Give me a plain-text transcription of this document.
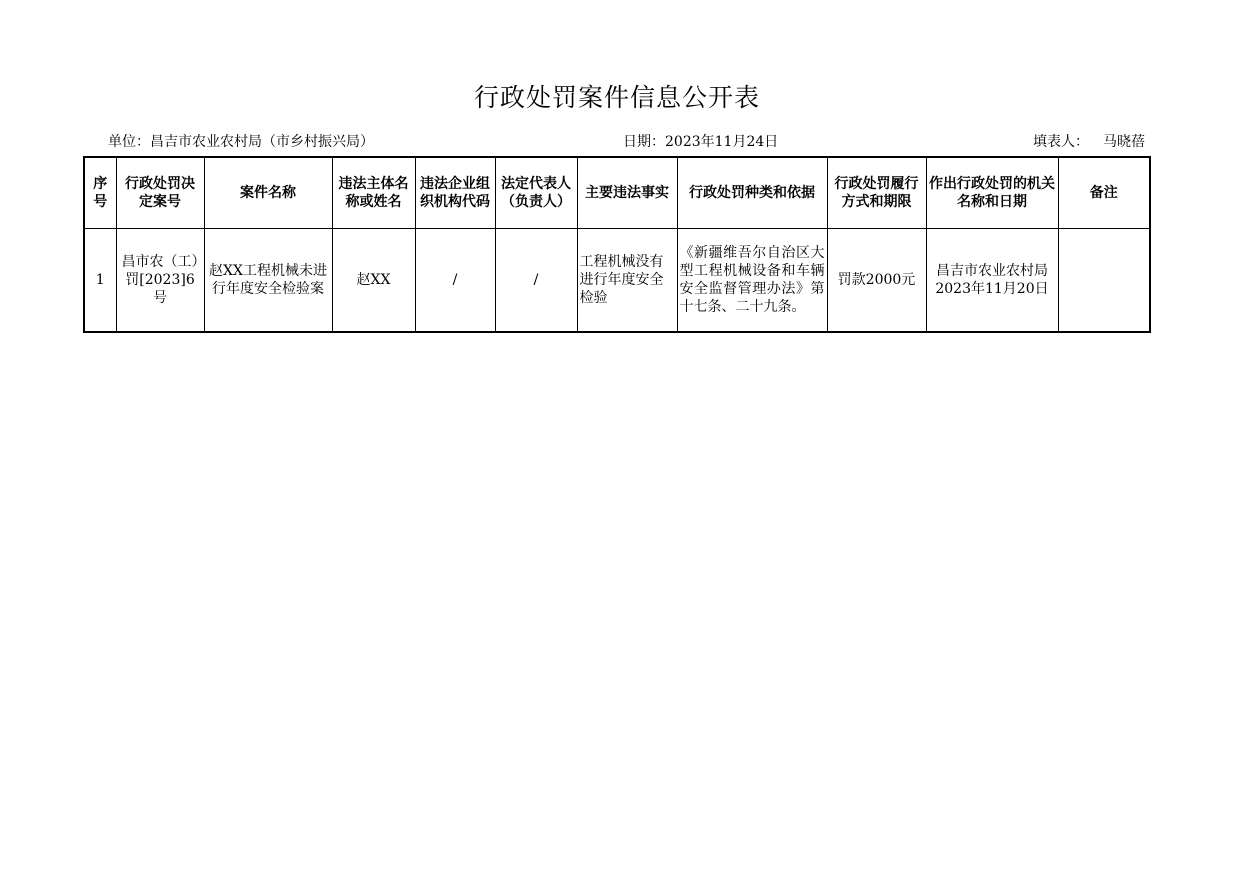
行政处罚案件信息公开表
单位：昌吉市农业农村局（市乡村振兴局）	日期：2023年11月24日	填表人： 马晓蓓
序号	行政处罚决定案号	案件名称	违法主体名称或姓名	违法企业组织机构代码	法定代表人（负责人）	主要违法事实	行政处罚种类和依据	行政处罚履行方式和期限	作出行政处罚的机关名称和日期	备注
1	昌市农（工）罚[2023]6 号	赵XX工程机械未进行年度安全检验案	赵XX	/	/	工程机械没有进行年度安全检验	《新疆维吾尔自治区大型工程机械设备和车辆安全监督管理办法》第十七条、二十九条。	罚款2000元	昌吉市农业农村局2023年11月20日	
